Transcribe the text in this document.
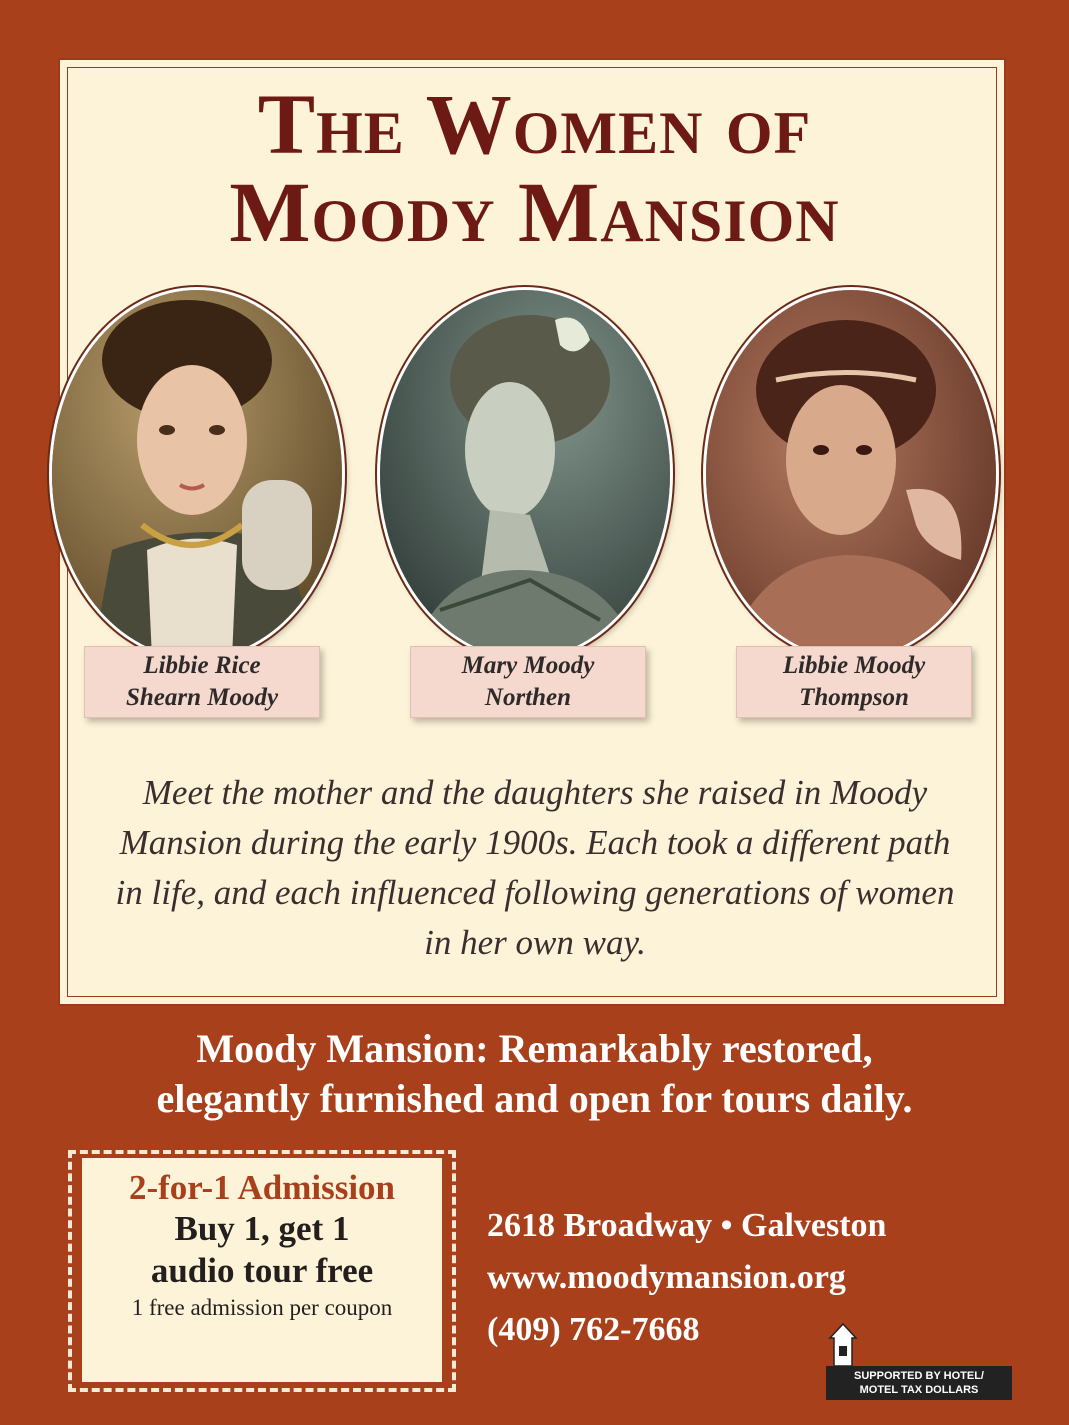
The Women of
Moody Mansion
Libbie Rice
Shearn Moody
Mary Moody
Northen
Libbie Moody
Thompson

Meet the mother and the daughters she raised in Moody Mansion during the early 1900s. Each took a different path in life, and each influenced following generations of women in her own way.

Moody Mansion: Remarkably restored,
elegantly furnished and open for tours daily.

2-for-1 Admission
Buy 1, get 1
audio tour free
1 free admission per coupon
2618 Broadway • Galveston
www.moodymansion.org
(409) 762-7668
SUPPORTED BY HOTEL/
MOTEL TAX DOLLARS
